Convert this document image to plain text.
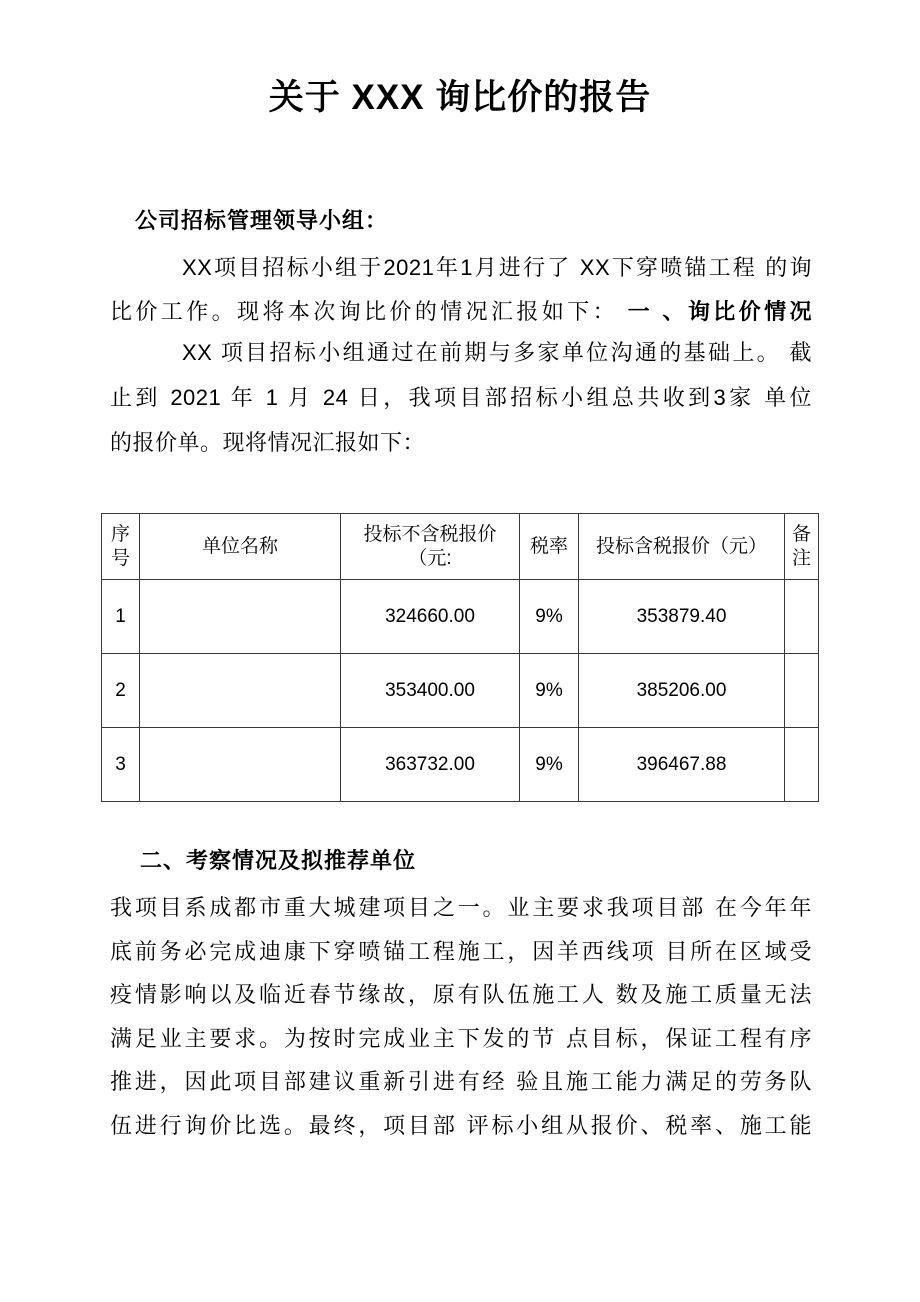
关于 XXX 询比价的报告
公司招标管理领导小组：
XX项目招标小组于2021年1月进行了 XX下穿喷锚工程 的询
比价工作。现将本次询比价的情况汇报如下： 一 、询比价情况
XX 项目招标小组通过在前期与多家单位沟通的基础上。 截
止到 2021 年 1 月 24 日，我项目部招标小组总共收到3家 单位
的报价单。现将情况汇报如下：
序号	单位名称	投标不含税报价（元:	税率	投标含税报价（元）	备注
1		324660.00	9%	353879.40	
2		353400.00	9%	385206.00	
3		363732.00	9%	396467.88	
二、考察情况及拟推荐单位
我项目系成都市重大城建项目之一。业主要求我项目部 在今年年
底前务必完成迪康下穿喷锚工程施工，因羊西线项 目所在区域受
疫情影响以及临近春节缘故，原有队伍施工人 数及施工质量无法
满足业主要求。为按时完成业主下发的节 点目标，保证工程有序
推进，因此项目部建议重新引进有经 验且施工能力满足的劳务队
伍进行询价比选。最终，项目部 评标小组从报价、税率、施工能
